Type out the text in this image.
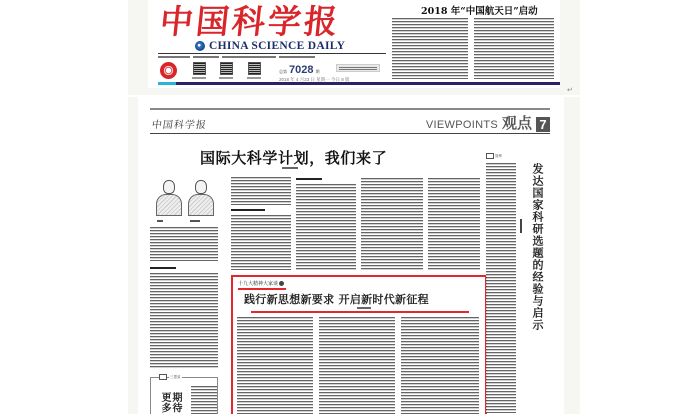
中国科学报
CHINA SCIENCE DAILY
总第 7028 期
2018 年 4 月23 日 星期一 今日 8 版
2018 年“中国航天日”启动
↵
中国科学报	VIEWPOINTS 观点 7
国际大科学计划，我们来了
十九大精神大家谈
践行新思想新要求 开启新时代新征程
智库
发达国家科研选题的经验与启示
三思录
期待更多
